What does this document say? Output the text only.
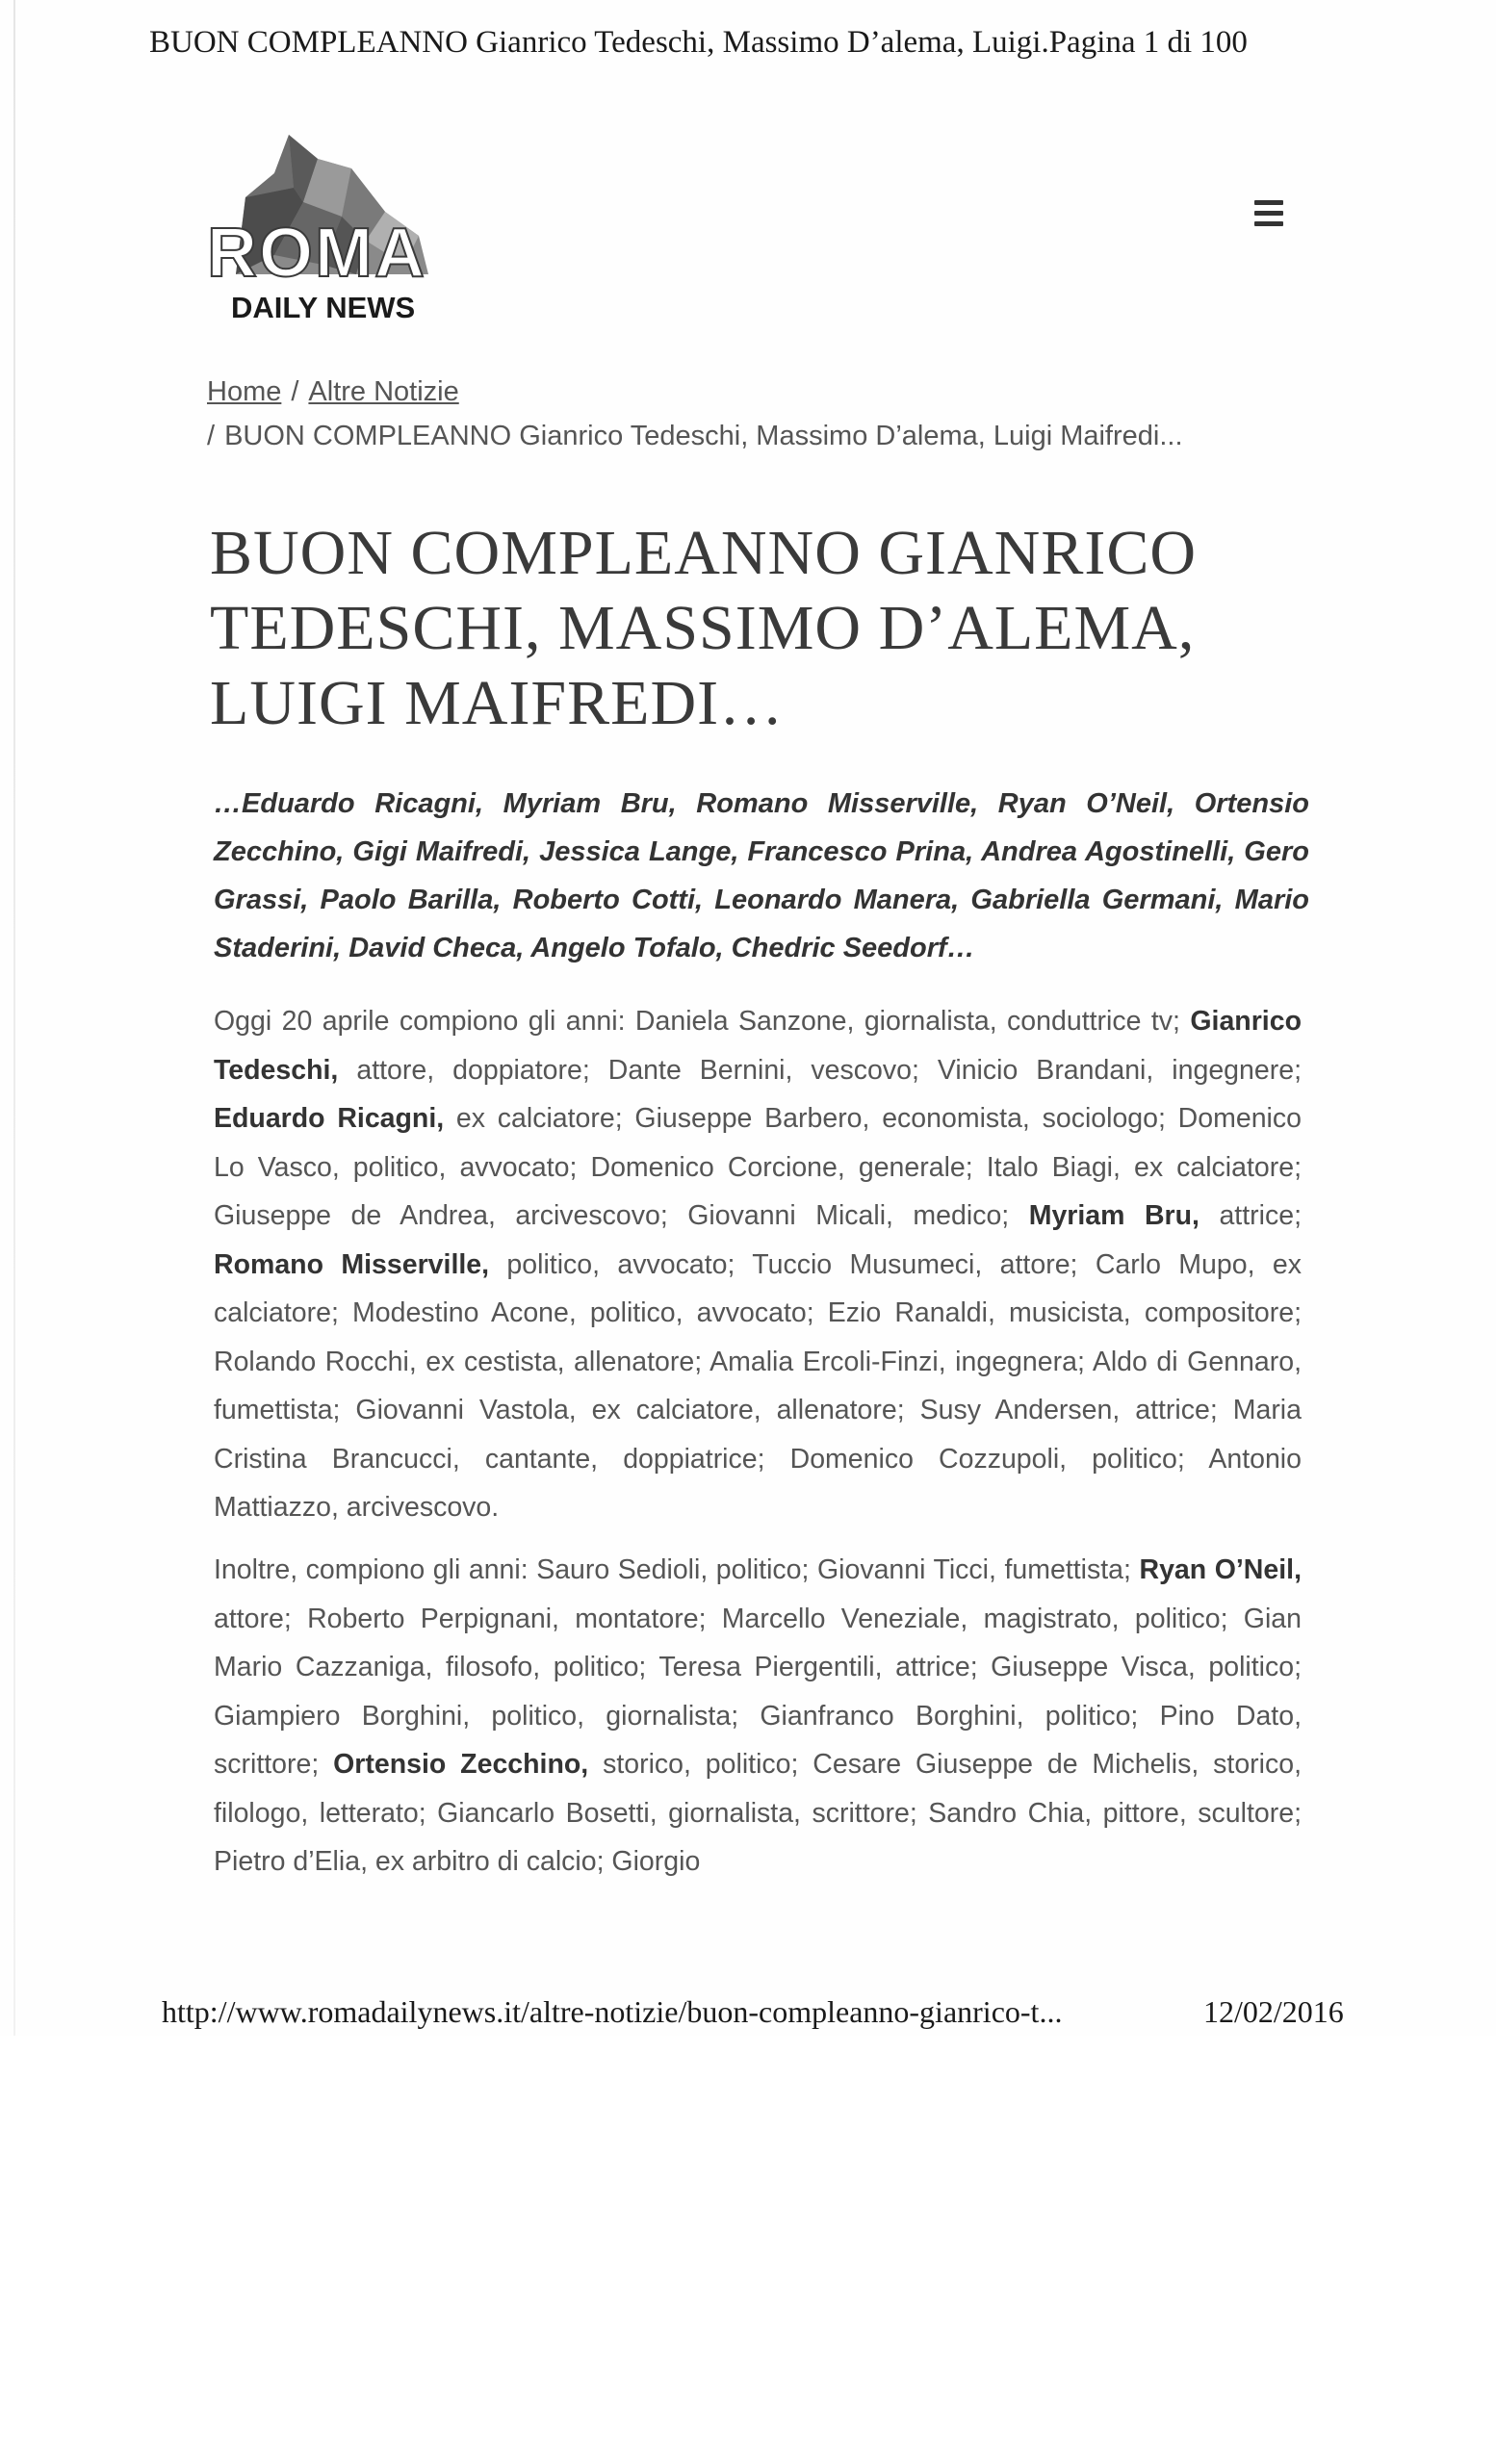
BUON COMPLEANNO Gianrico Tedeschi, Massimo D’alema, Luigi.Pagina 1 di 100
ROMA
DAILY NEWS
Home / Altre Notizie
/ BUON COMPLEANNO Gianrico Tedeschi, Massimo D’alema, Luigi Maifredi...
BUON COMPLEANNO GIANRICO TEDESCHI, MASSIMO D’ALEMA, LUIGI MAIFREDI…

…Eduardo Ricagni, Myriam Bru, Romano Misserville, Ryan O’Neil, Ortensio Zecchino, Gigi Maifredi, Jessica Lange, Francesco Prina, Andrea Agostinelli, Gero Grassi, Paolo Barilla, Roberto Cotti, Leonardo Manera, Gabriella Germani, Mario Staderini, David Checa, Angelo Tofalo, Chedric Seedorf…

Oggi 20 aprile compiono gli anni: Daniela Sanzone, giornalista, conduttrice tv; Gianrico Tedeschi, attore, doppiatore; Dante Bernini, vescovo; Vinicio Brandani, ingegnere; Eduardo Ricagni, ex calciatore; Giuseppe Barbero, economista, sociologo; Domenico Lo Vasco, politico, avvocato; Domenico Corcione, generale; Italo Biagi, ex calciatore; Giuseppe de Andrea, arcivescovo; Giovanni Micali, medico; Myriam Bru, attrice; Romano Misserville, politico, avvocato; Tuccio Musumeci, attore; Carlo Mupo, ex calciatore; Modestino Acone, politico, avvocato; Ezio Ranaldi, musicista, compositore; Rolando Rocchi, ex cestista, allenatore; Amalia Ercoli-Finzi, ingegnera; Aldo di Gennaro, fumettista; Giovanni Vastola, ex calciatore, allenatore; Susy Andersen, attrice; Maria Cristina Brancucci, cantante, doppiatrice; Domenico Cozzupoli, politico; Antonio Mattiazzo, arcivescovo.

Inoltre, compiono gli anni: Sauro Sedioli, politico; Giovanni Ticci, fumettista; Ryan O’Neil, attore; Roberto Perpignani, montatore; Marcello Veneziale, magistrato, politico; Gian Mario Cazzaniga, filosofo, politico; Teresa Piergentili, attrice; Giuseppe Visca, politico; Giampiero Borghini, politico, giornalista; Gianfranco Borghini, politico; Pino Dato, scrittore; Ortensio Zecchino, storico, politico; Cesare Giuseppe de Michelis, storico, filologo, letterato; Giancarlo Bosetti, giornalista, scrittore; Sandro Chia, pittore, scultore; Pietro d’Elia, ex arbitro di calcio; Giorgio

http://www.romadailynews.it/altre-notizie/buon-compleanno-gianrico-t...	12/02/2016
